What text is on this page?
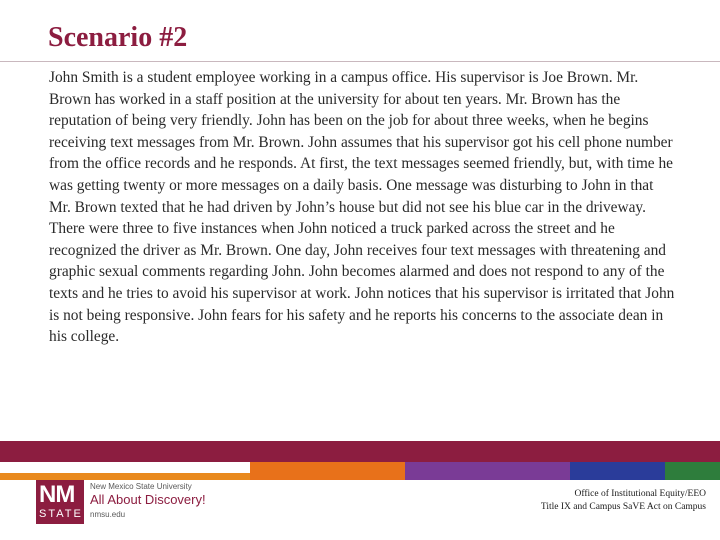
Scenario #2

John Smith is a student employee working in a campus office. His supervisor is Joe Brown. Mr. Brown has worked in a staff position at the university for about ten years. Mr. Brown has the reputation of being very friendly. John has been on the job for about three weeks, when he begins receiving text messages from Mr. Brown. John assumes that his supervisor got his cell phone number from the office records and he responds. At first, the text messages seemed friendly, but, with time he was getting twenty or more messages on a daily basis. One message was disturbing to John in that Mr. Brown texted that he had driven by John’s house but did not see his blue car in the driveway. There were three to five instances when John noticed a truck parked across the street and he recognized the driver as Mr. Brown. One day, John receives four text messages with threatening and graphic sexual comments regarding John. John becomes alarmed and does not respond to any of the texts and he tries to avoid his supervisor at work. John notices that his supervisor is irritated that John is not being responsive. John fears for his safety and he reports his concerns to the associate dean in his college.

NM
STATE
New Mexico State University
All About Discovery!
nmsu.edu
Office of Institutional Equity/EEO
Title IX and Campus SaVE Act on Campus
